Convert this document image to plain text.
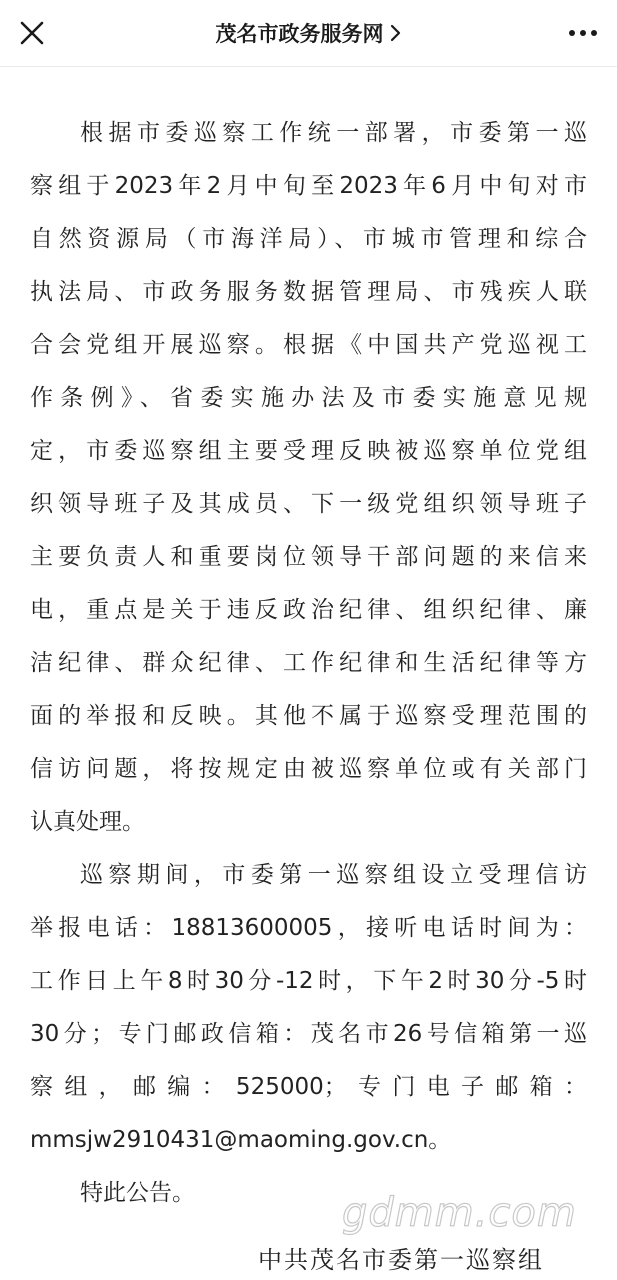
茂名市政务服务网
根据市委巡察工作统一部署，市委第一巡
察组于2023年2月中旬至2023年6月中旬对市
自然资源局（市海洋局）、市城市管理和综合
执法局、市政务服务数据管理局、市残疾人联
合会党组开展巡察。根据《中国共产党巡视工
作条例》、省委实施办法及市委实施意见规
定，市委巡察组主要受理反映被巡察单位党组
织领导班子及其成员、下一级党组织领导班子
主要负责人和重要岗位领导干部问题的来信来
电，重点是关于违反政治纪律、组织纪律、廉
洁纪律、群众纪律、工作纪律和生活纪律等方
面的举报和反映。其他不属于巡察受理范围的
信访问题，将按规定由被巡察单位或有关部门
认真处理。
巡察期间，市委第一巡察组设立受理信访
举报电话：18813600005，接听电话时间为：
工作日上午8时30分-12时，下午2时30分-5时
30分；专门邮政信箱：茂名市26号信箱第一巡
察组，邮编：525000；专门电子邮箱：
mmsjw2910431@maoming.gov.cn。
特此公告。	gdmm.com
中共茂名市委第一巡察组
